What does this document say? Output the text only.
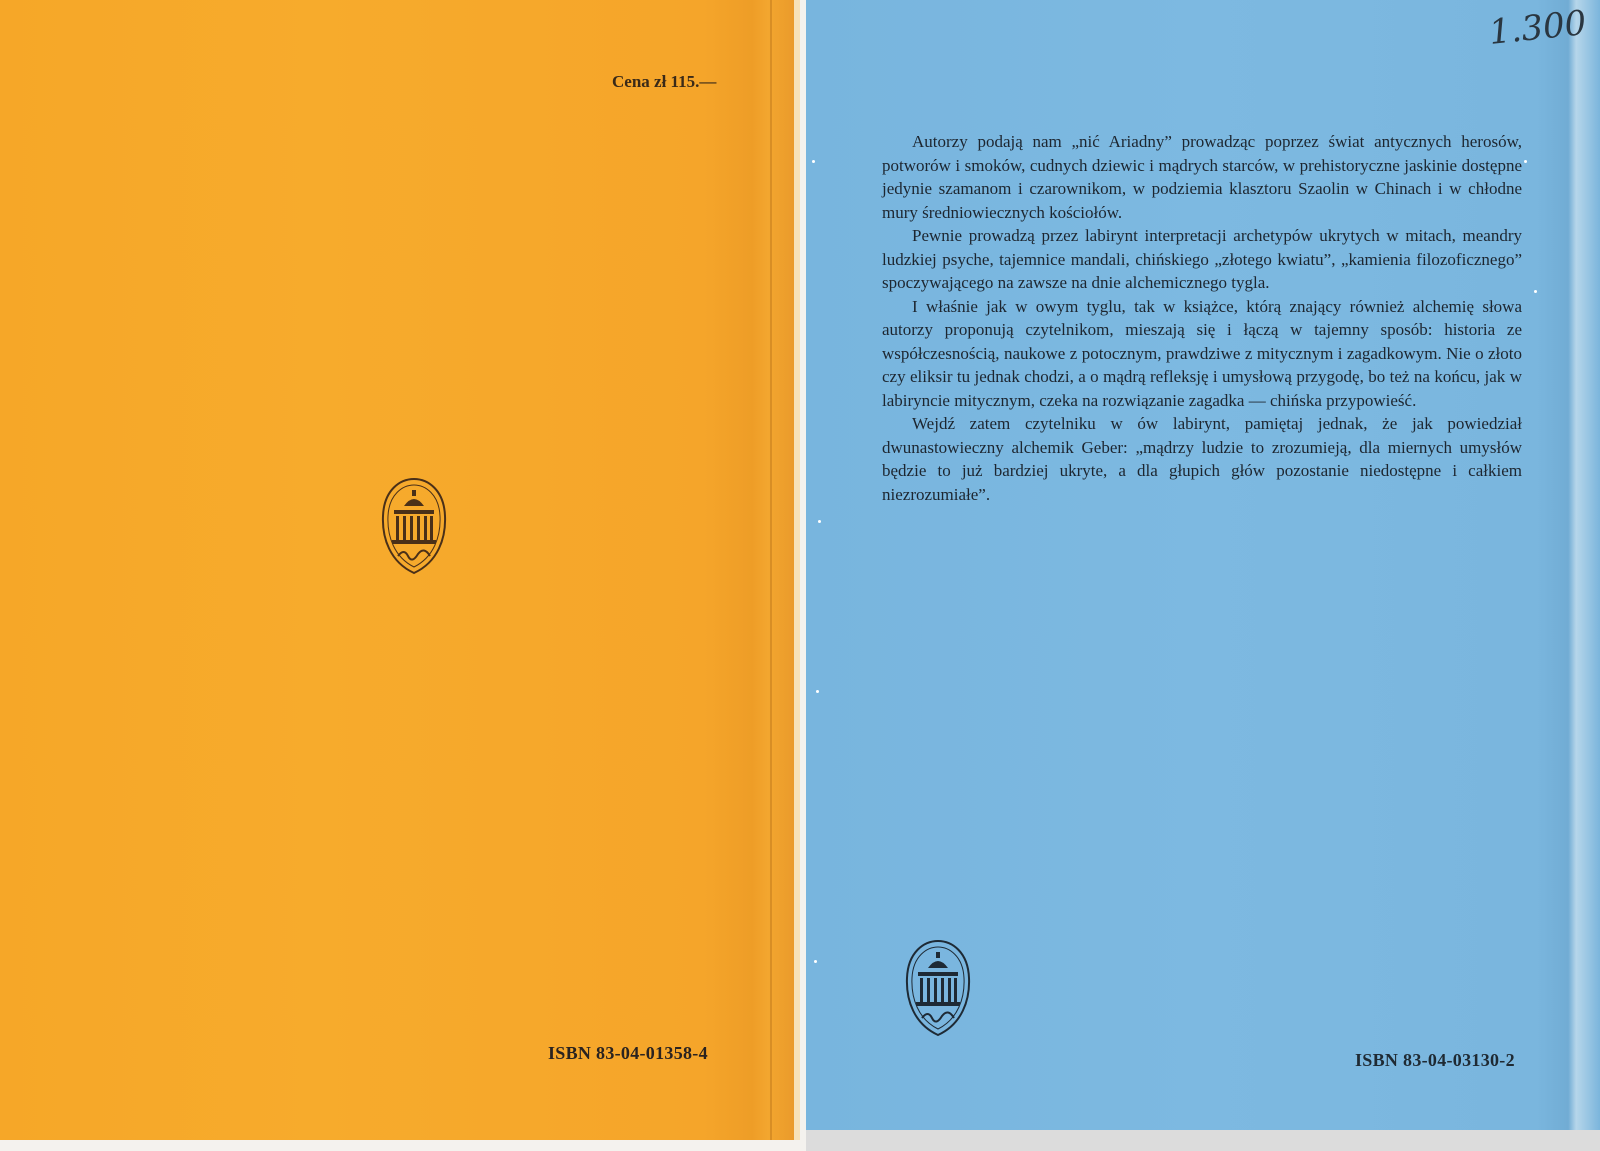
Cena zł 115.—
ISBN 83-04-01358-4
1.300

Autorzy podają nam „nić Ariadny” prowadząc poprzez świat antycznych herosów, potworów i smoków, cudnych dziewic i mądrych starców, w prehistoryczne jaskinie dostępne jedynie szamanom i czarownikom, w podziemia klasztoru Szaolin w Chinach i w chłodne mury średniowiecznych kościołów.

Pewnie prowadzą przez labirynt interpretacji archetypów ukrytych w mitach, meandry ludzkiej psyche, tajemnice mandali, chińskiego „złotego kwiatu”, „kamienia filozoficznego” spoczywającego na zawsze na dnie alchemicznego tygla.

I właśnie jak w owym tyglu, tak w książce, którą znający również alchemię słowa autorzy proponują czytelnikom, mieszają się i łączą w tajemny sposób: historia ze współczesnością, naukowe z potocznym, prawdziwe z mitycznym i zagadkowym. Nie o złoto czy eliksir tu jednak chodzi, a o mądrą refleksję i umysłową przygodę, bo też na końcu, jak w labiryncie mitycznym, czeka na rozwiązanie zagadka — chińska przypowieść.

Wejdź zatem czytelniku w ów labirynt, pamiętaj jednak, że jak powiedział dwunastowieczny alchemik Geber: „mądrzy ludzie to zrozumieją, dla miernych umysłów będzie to już bardziej ukryte, a dla głupich głów pozostanie niedostępne i całkiem niezrozumiałe”.

ISBN 83-04-03130-2
